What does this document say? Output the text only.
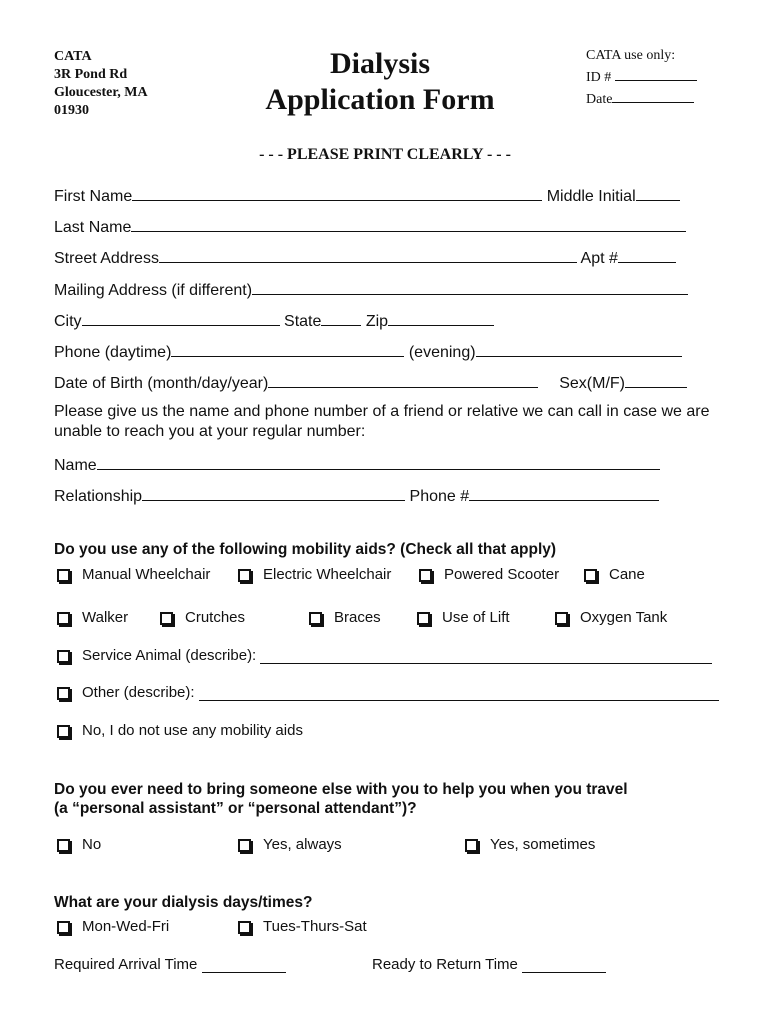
CATA
3R Pond Rd
Gloucester, MA
01930
Dialysis
Application Form
CATA use only:
ID #
Date
- - - PLEASE PRINT CLEARLY - - -
First Name	Middle Initial
Last Name
Street Address	Apt #
Mailing Address (if different)
City	State	Zip
Phone (daytime)	(evening)
Date of Birth (month/day/year)	Sex(M/F)
Please give us the name and phone number of a friend or relative we can call in case we are unable to reach you at your regular number:
Name
Relationship	Phone #
Do you use any of the following mobility aids? (Check all that apply)
Manual Wheelchair	Electric Wheelchair	Powered Scooter	Cane
Walker	Crutches	Braces	Use of Lift	Oxygen Tank
Service Animal (describe):

Other (describe):

No, I do not use any mobility aids
Do you ever need to bring someone else with you to help you when you travel
(a “personal assistant” or “personal attendant”)?
No	Yes, always	Yes, sometimes
What are your dialysis days/times?
Mon-Wed-Fri	Tues-Thurs-Sat
Required Arrival Time
	Ready to Return Time
